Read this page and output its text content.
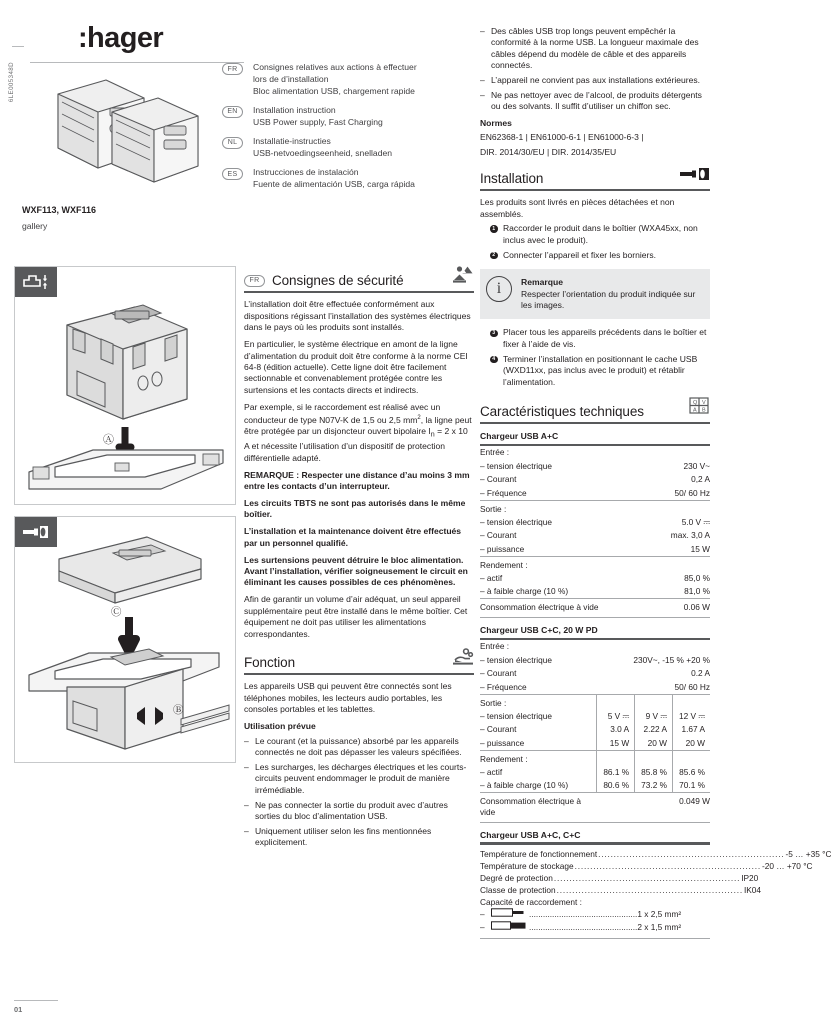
6LE005348D
:hager
FR	Consignes relatives aux actions à effectuer
lors de d’installation
Bloc alimentation USB, chargement rapide
EN	Installation instruction
USB Power supply, Fast Charging
NL	Installatie-instructies
USB-netvoedingseenheid, snelladen
ES	Instrucciones de instalación
Fuente de alimentación USB, carga rápida
WXF113, WXF116
gallery
Ⓐ
Ⓒ
Ⓑ
FR Consignes de sécurité

L’installation doit être effectuée conformément aux dispositions régissant l’installation des systèmes électriques dans le pays où les produits sont installés.

En particulier, le système électrique en amont de la ligne d’alimentation du produit doit être conforme à la norme CEI 64-8 (édition actuelle). Cette ligne doit être facilement sectionnable et convenablement protégée contre les surtensions et les contacts directs et indirects.

Par exemple, si le raccordement est réalisé avec un conducteur de type N07V-K de 1,5 ou 2,5 $mm^2$, la ligne peut être protégée par un disjoncteur ouvert bipolaire $I_n = 2$ x 10 A et nécessite l’utilisation d’un dispositif de protection différentielle adapté.

REMARQUE : Respecter une distance d’au moins 3 mm entre les contacts d’un interrupteur.

Les circuits TBTS ne sont pas autorisés dans le même boîtier.

L’installation et la maintenance doivent être effectués par un personnel qualifié.

Les surtensions peuvent détruire le bloc alimentation. Avant l’installation, vérifier soigneusement le circuit en éliminant les causes possibles de ces phénomènes.

Afin de garantir un volume d’air adéquat, un seul appareil supplémentaire peut être installé dans le même boîtier. Cet équipement ne doit pas utiliser les alimentations correspondantes.

Fonction

Les appareils USB qui peuvent être connectés sont les téléphones mobiles, les lecteurs audio portables, les consoles portables et les tablettes.

Utilisation prévue

– Le courant (et la puissance) absorbé par les appareils connectés ne doit pas dépasser les valeurs spécifiées.
– Les surcharges, les décharges électriques et les courts-circuits peuvent endommager le produit de manière irrémédiable.
– Ne pas connecter la sortie du produit avec d’autres sorties du bloc d’alimentation USB.
– Uniquement utiliser selon les fins mentionnées explicitement.
– Des câbles USB trop longs peuvent empêchér la conformité à la norme USB. La longueur maximale des câbles dépend du modèle de câble et des appareils connectés.
– L’appareil ne convient pas aux installations extérieures.
– Ne pas nettoyer avec de l’alcool, de produits détergents ou des solvants. Il suffit d’utiliser un chiffon sec.

Normes

EN62368-1 | EN61000-6-1 | EN61000-6-3 |

DIR. 2014/30/EU | DIR. 2014/35/EU

Installation

Les produits sont livrés en pièces détachées et non assemblés.

1 Raccorder le produit dans le boîtier (WXA45xx, non inclus avec le produit).
2 Connecter l’appareil et fixer les borniers.
i	Remarque
Respecter l’orientation du produit indiquée sur les images.
3 Placer tous les appareils précédents dans le boîtier et fixer à l’aide de vis.
4 Terminer l’installation en positionnant le cache USB (WXD11xx, pas inclus avec le produit) et rétablir l’alimentation.
Caractéristiques techniques
Q V
A B
Chargeur USB A+C
Entrée :	
– tension électrique	230 V~
– Courant	0,2 A
– Fréquence	50/ 60 Hz
Sortie :	
– tension électrique	5.0 V ⎓
– Courant	max. 3,0 A
– puissance	15 W
Rendement :	
– actif	85,0 %
– à faible charge (10 %)	81,0 %
Consommation électrique à vide	0.06 W
Chargeur USB C+C, 20 W PD
Entrée :			
– tension électrique	230V~, -15 % +20 %		
– Courant	0.2 A		
– Fréquence	50/ 60 Hz		
Sortie :			
– tension électrique	5 V ⎓	9 V ⎓	12 V ⎓
– Courant	3.0 A	2.22 A	1.67 A
– puissance	15 W	20 W	20 W
Rendement :			
– actif	86.1 %	85.8 %	85.6 %
– à faible charge (10 %)	80.6 %	73.2 %	70.1 %
Consommation électrique à vide	0.049 W		
Chargeur USB A+C, C+C
Température de fonctionnement ............................................................ -5 … +35 °C
Température de stockage ............................................................ -20 … +70 °C
Degré de protection ............................................................ IP20
Classe de protection ............................................................ IK04
Capacité de raccordement :
–	............................................... 1 x 2,5 mm²
–	............................................... 2 x 1,5 mm²
01
